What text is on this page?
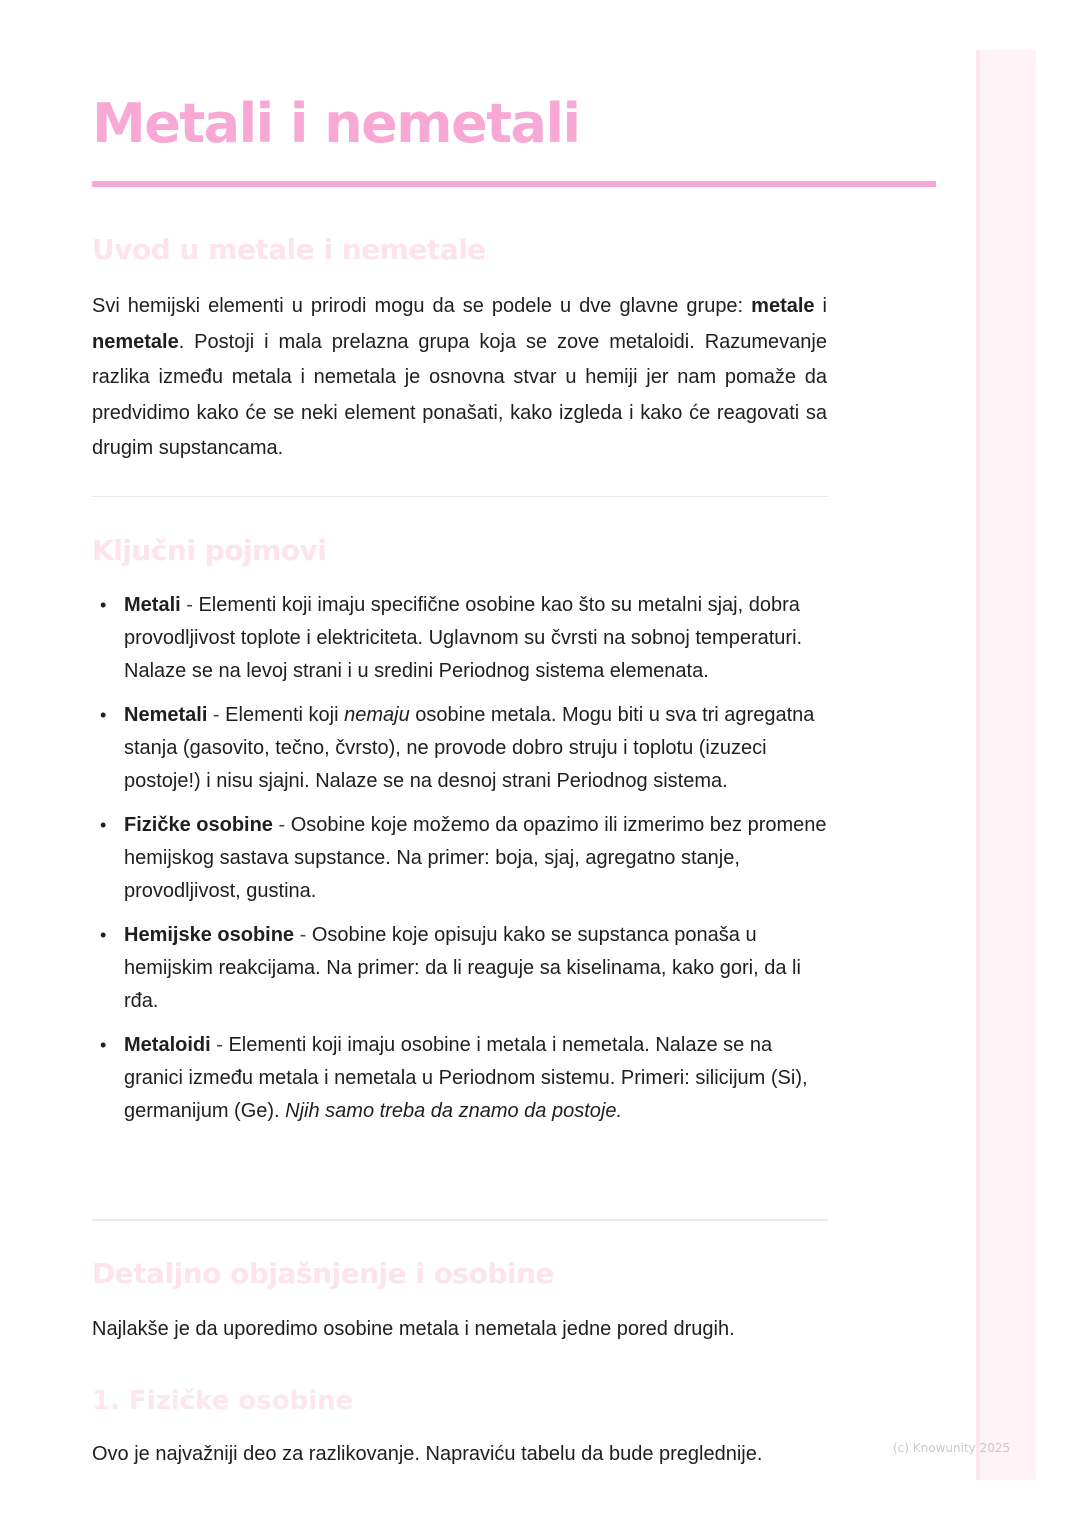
Metali i nemetali
Uvod u metale i nemetale

Svi hemijski elementi u prirodi mogu da se podele u dve glavne grupe: metale i nemetale. Postoji i mala prelazna grupa koja se zove metaloidi. Razumevanje razlika između metala i nemetala je osnovna stvar u hemiji jer nam pomaže da predvidimo kako će se neki element ponašati, kako izgleda i kako će reagovati sa drugim supstancama.

Ključni pojmovi
• Metali - Elementi koji imaju specifične osobine kao što su metalni sjaj, dobra provodljivost toplote i elektriciteta. Uglavnom su čvrsti na sobnoj temperaturi. Nalaze se na levoj strani i u sredini Periodnog sistema elemenata.
• Nemetali - Elementi koji nemaju osobine metala. Mogu biti u sva tri agregatna stanja (gasovito, tečno, čvrsto), ne provode dobro struju i toplotu (izuzeci postoje!) i nisu sjajni. Nalaze se na desnoj strani Periodnog sistema.
• Fizičke osobine - Osobine koje možemo da opazimo ili izmerimo bez promene hemijskog sastava supstance. Na primer: boja, sjaj, agregatno stanje, provodljivost, gustina.
• Hemijske osobine - Osobine koje opisuju kako se supstanca ponaša u hemijskim reakcijama. Na primer: da li reaguje sa kiselinama, kako gori, da li rđa.
• Metaloidi - Elementi koji imaju osobine i metala i nemetala. Nalaze se na granici između metala i nemetala u Periodnom sistemu. Primeri: silicijum (Si), germanijum (Ge). Njih samo treba da znamo da postoje.
Detaljno objašnjenje i osobine

Najlakše je da uporedimo osobine metala i nemetala jedne pored drugih.

1. Fizičke osobine

Ovo je najvažniji deo za razlikovanje. Napraviću tabelu da bude preglednije.	(c) Knowunity 2025
